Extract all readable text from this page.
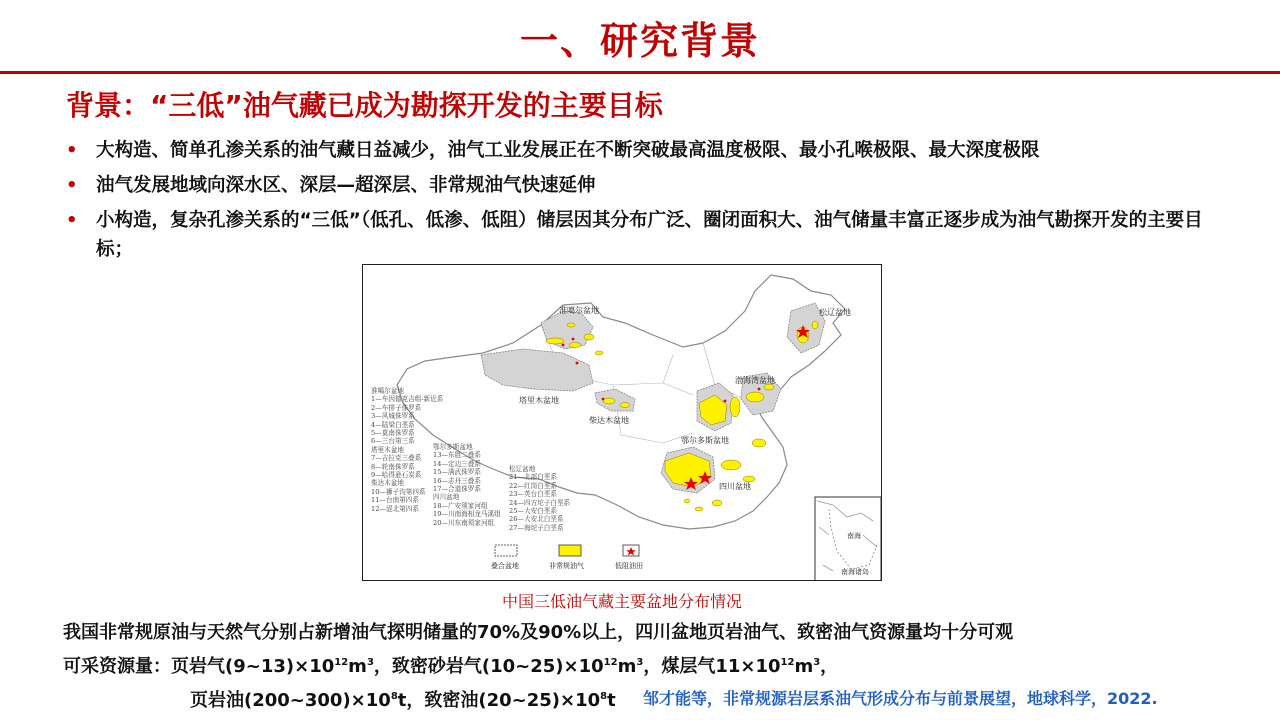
一、研究背景
背景：“三低”油气藏已成为勘探开发的主要目标
• 大构造、简单孔渗关系的油气藏日益减少，油气工业发展正在不断突破最高温度极限、最小孔喉极限、最大深度极限
• 油气发展地域向深水区、深层—超深层、非常规油气快速延伸
• 小构造，复杂孔渗关系的“三低”（低孔、低渗、低阻）储层因其分布广泛、圈闭面积大、油气储量丰富正逐步成为油气勘探开发的主要目标；
准噶尔盆地	松辽盆地
渤海湾盆地
塔里木盆地
柴达木盆地
鄂尔多斯盆地
四川盆地
准噶尔盆地
1—车因德克吉组-新近系
2—车排子侏罗系
3—风城侏罗系
4—陆梁白垩系
5—莫南侏罗系
6—三台第三系
塔里木盆地
7—吉拉克三叠系
8—轮南侏罗系
9—哈得逊石炭系
柴达木盆地
10—狮子沟第四系
11—台南第四系
12—涩北第四系
鄂尔多斯盆地
13—东胜二叠系
14—定边三叠系
15—满武侏罗系
16—志丹三叠系
17—合道侏罗系
四川盆地
18—广安须家河组
19—川南海相龙马溪组
20—川东南须家河组
松辽盆地
21—北部白垩系
22—红岗白垩系
23—英台白垩系
24—四方坨子白垩系
25—大安白垩系
26—大安北白垩系
27—海坨子白垩系
叠合盆地	非常规油气	低阻油田
南海
南海诸岛
中国三低油气藏主要盆地分布情况
我国非常规原油与天然气分别占新增油气探明储量的70%及90%以上，四川盆地页岩油气、致密油气资源量均十分可观
可采资源量：页岩气$(9\sim 13)\times 10^{12}m^3$，致密砂岩气$(10\sim 25)\times 10^{12}m^3$，煤层气$11\times 10^{12}m^3$，
页岩油$(200\sim 300)\times 10^8t$，致密油$(20\sim 25)\times 10^8t$ 邹才能等，非常规源岩层系油气形成分布与前景展望，地球科学，2022.
